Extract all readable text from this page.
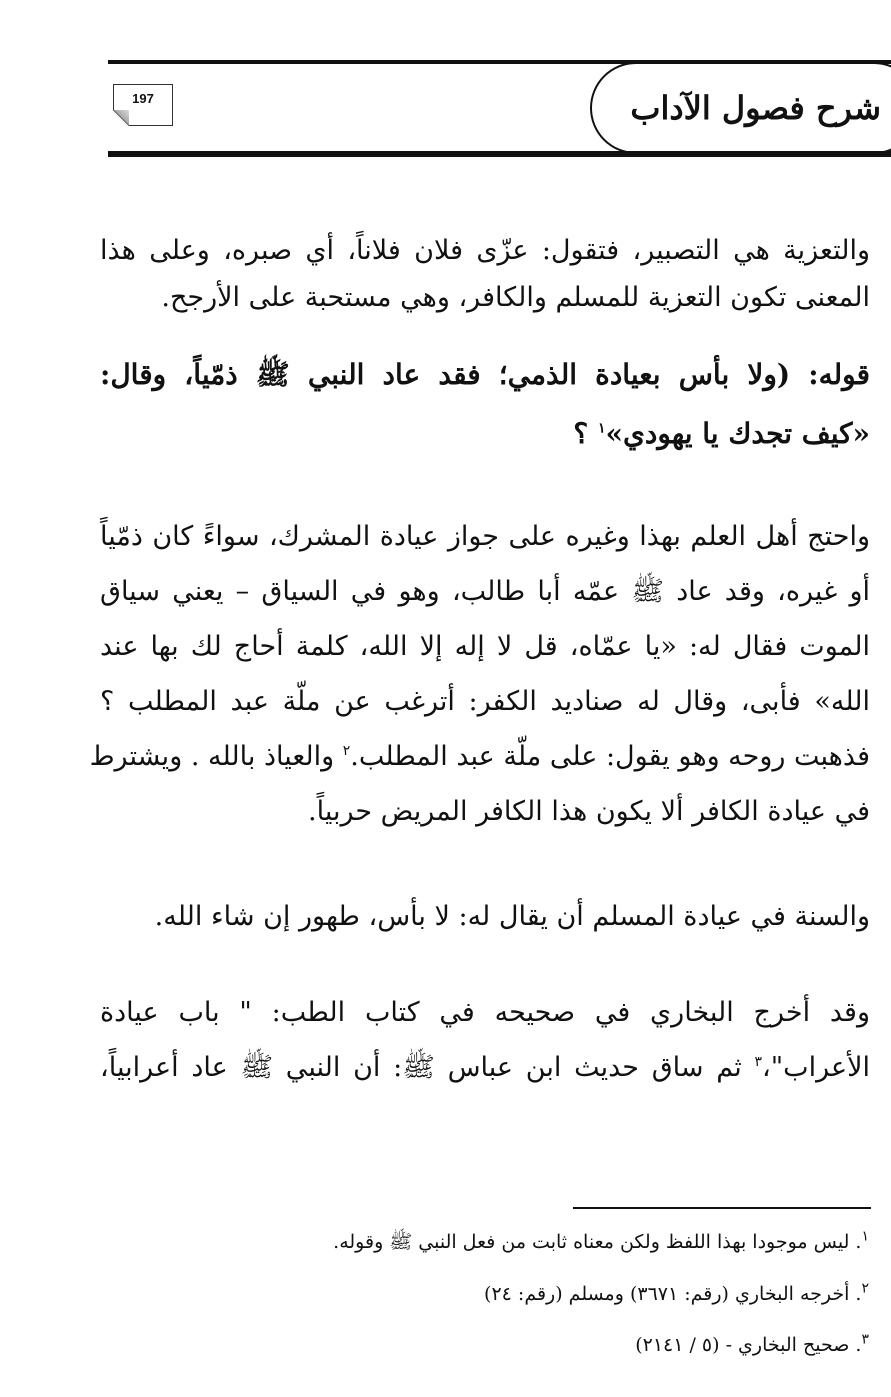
شرح فصول الآداب
197
والتعزية هي التصبير، فتقول: عزّى فلان فلاناً، أي صبره، وعلى هذا
المعنى تكون التعزية للمسلم والكافر، وهي مستحبة على الأرجح.
قوله: (ولا بأس بعيادة الذمي؛ فقد عاد النبي ﷺ ذمّياً، وقال:
«كيف تجدك يا يهودي»$^١$ ؟
واحتج أهل العلم بهذا وغيره على جواز عيادة المشرك، سواءً كان ذمّياً
أو غيره، وقد عاد ﷺ عمّه أبا طالب، وهو في السياق – يعني سياق
الموت فقال له: «يا عمّاه، قل لا إله إلا الله، كلمة أحاج لك بها عند
الله» فأبى، وقال له صناديد الكفر: أترغب عن ملّة عبد المطلب ؟
فذهبت روحه وهو يقول: على ملّة عبد المطلب.$^٢$ والعياذ بالله . ويشترط
في عيادة الكافر ألا يكون هذا الكافر المريض حربياً.
والسنة في عيادة المسلم أن يقال له: لا بأس، طهور إن شاء الله.
وقد أخرج البخاري في صحيحه في كتاب الطب: " باب عيادة
الأعراب"،$^٣$ ثم ساق حديث ابن عباس ﷺ: أن النبي ﷺ عاد أعرابياً،
$^١$. ليس موجودا بهذا اللفظ ولكن معناه ثابت من فعل النبي ﷺ وقوله.
$^٢$. أخرجه البخاري (رقم: ٣٦٧١) ومسلم (رقم: ٢٤)
$^٣$. صحيح البخاري - (٥ / ٢١٤١)
